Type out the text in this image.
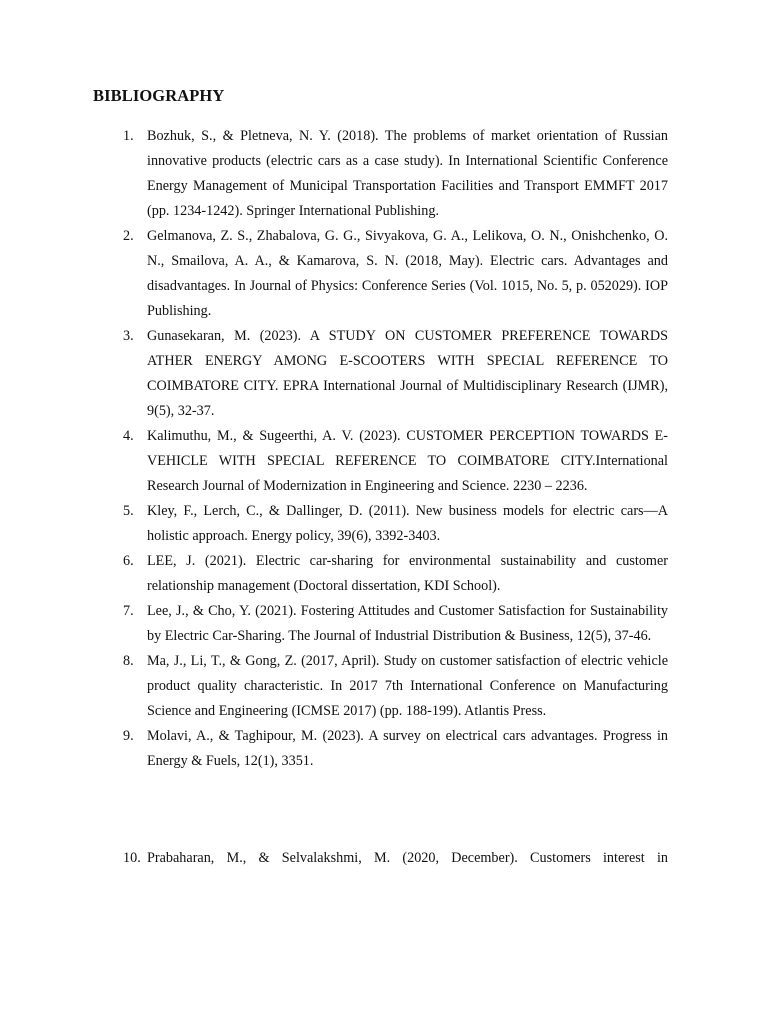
BIBLIOGRAPHY
1. Bozhuk, S., & Pletneva, N. Y. (2018). The problems of market orientation of Russian innovative products (electric cars as a case study). In International Scientific Conference Energy Management of Municipal Transportation Facilities and Transport EMMFT 2017 (pp. 1234-1242). Springer International Publishing.
2. Gelmanova, Z. S., Zhabalova, G. G., Sivyakova, G. A., Lelikova, O. N., Onishchenko, O. N., Smailova, A. A., & Kamarova, S. N. (2018, May). Electric cars. Advantages and disadvantages. In Journal of Physics: Conference Series (Vol. 1015, No. 5, p. 052029). IOP Publishing.
3. Gunasekaran, M. (2023). A STUDY ON CUSTOMER PREFERENCE TOWARDS ATHER ENERGY AMONG E-SCOOTERS WITH SPECIAL REFERENCE TO COIMBATORE CITY. EPRA International Journal of Multidisciplinary Research (IJMR), 9(5), 32-37.
4. Kalimuthu, M., & Sugeerthi, A. V. (2023). CUSTOMER PERCEPTION TOWARDS E-VEHICLE WITH SPECIAL REFERENCE TO COIMBATORE CITY.International Research Journal of Modernization in Engineering and Science. 2230 – 2236.
5. Kley, F., Lerch, C., & Dallinger, D. (2011). New business models for electric cars—A holistic approach. Energy policy, 39(6), 3392-3403.
6. LEE, J. (2021). Electric car-sharing for environmental sustainability and customer relationship management (Doctoral dissertation, KDI School).
7. Lee, J., & Cho, Y. (2021). Fostering Attitudes and Customer Satisfaction for Sustainability by Electric Car-Sharing. The Journal of Industrial Distribution & Business, 12(5), 37-46.
8. Ma, J., Li, T., & Gong, Z. (2017, April). Study on customer satisfaction of electric vehicle product quality characteristic. In 2017 7th International Conference on Manufacturing Science and Engineering (ICMSE 2017) (pp. 188-199). Atlantis Press.
9. Molavi, A., & Taghipour, M. (2023). A survey on electrical cars advantages. Progress in Energy & Fuels, 12(1), 3351.
10. Prabaharan, M., & Selvalakshmi, M. (2020, December). Customers interest in
